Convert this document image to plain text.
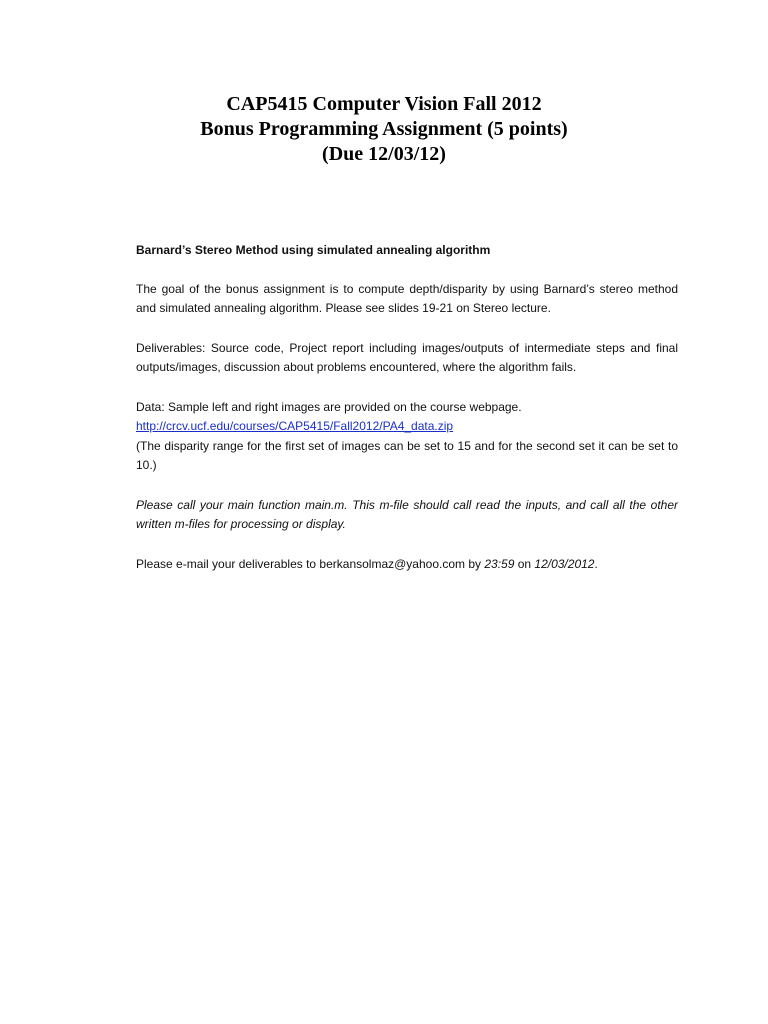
CAP5415 Computer Vision Fall 2012
Bonus Programming Assignment (5 points)
(Due 12/03/12)

Barnard’s Stereo Method using simulated annealing algorithm

The goal of the bonus assignment is to compute depth/disparity by using Barnard’s stereo method and simulated annealing algorithm. Please see slides 19-21 on Stereo lecture.

Deliverables: Source code, Project report including images/outputs of intermediate steps and final outputs/images, discussion about problems encountered, where the algorithm fails.

Data: Sample left and right images are provided on the course webpage.
http://crcv.ucf.edu/courses/CAP5415/Fall2012/PA4_data.zip
(The disparity range for the first set of images can be set to 15 and for the second set it can be set to 10.)

Please call your main function main.m. This m-file should call read the inputs, and call all the other written m-files for processing or display.

Please e-mail your deliverables to berkansolmaz@yahoo.com by 23:59 on 12/03/2012.
